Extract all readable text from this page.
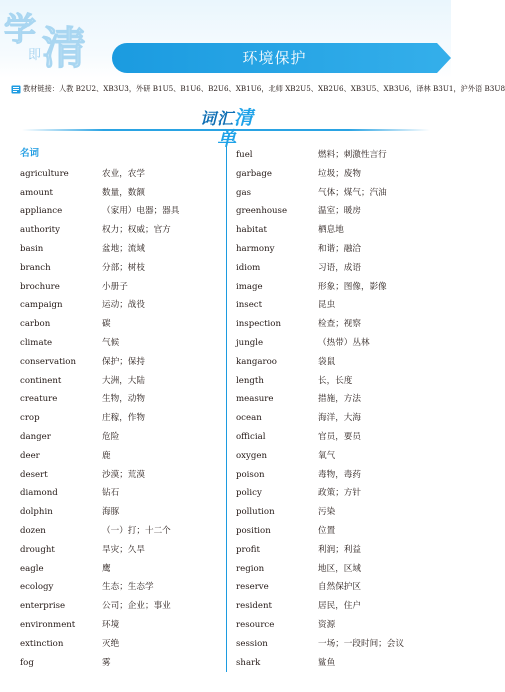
学 清
即	环境保护
教材链接：人教 B2U2、XB3U3，外研 B1U5、B1U6、B2U6、XB1U6，北师 XB2U5、XB2U6、XB3U5、XB3U6，译林 B3U1，沪外语 B3U8
词汇清单
名词
agriculture	农业，农学
amount	数量，数额
appliance	（家用）电器；器具
authority	权力；权威；官方
basin	盆地；流域
branch	分部；树枝
brochure	小册子
campaign	运动；战役
carbon	碳
climate	气候
conservation	保护；保持
continent	大洲，大陆
creature	生物，动物
crop	庄稼，作物
danger	危险
deer	鹿
desert	沙漠；荒漠
diamond	钻石
dolphin	海豚
dozen	（一）打；十二个
drought	旱灾；久旱
eagle	鹰
ecology	生态；生态学
enterprise	公司；企业；事业
environment	环境
extinction	灭绝
fog	雾
fuel	燃料；刺激性言行
garbage	垃圾；废物
gas	气体；煤气；汽油
greenhouse	温室；暖房
habitat	栖息地
harmony	和谐；融洽
idiom	习语，成语
image	形象；图像，影像
insect	昆虫
inspection	检查；视察
jungle	（热带）丛林
kangaroo	袋鼠
length	长，长度
measure	措施，方法
ocean	海洋，大海
official	官员，要员
oxygen	氧气
poison	毒物，毒药
policy	政策；方针
pollution	污染
position	位置
profit	利润；利益
region	地区，区域
reserve	自然保护区
resident	居民，住户
resource	资源
session	一场；一段时间；会议
shark	鲨鱼
